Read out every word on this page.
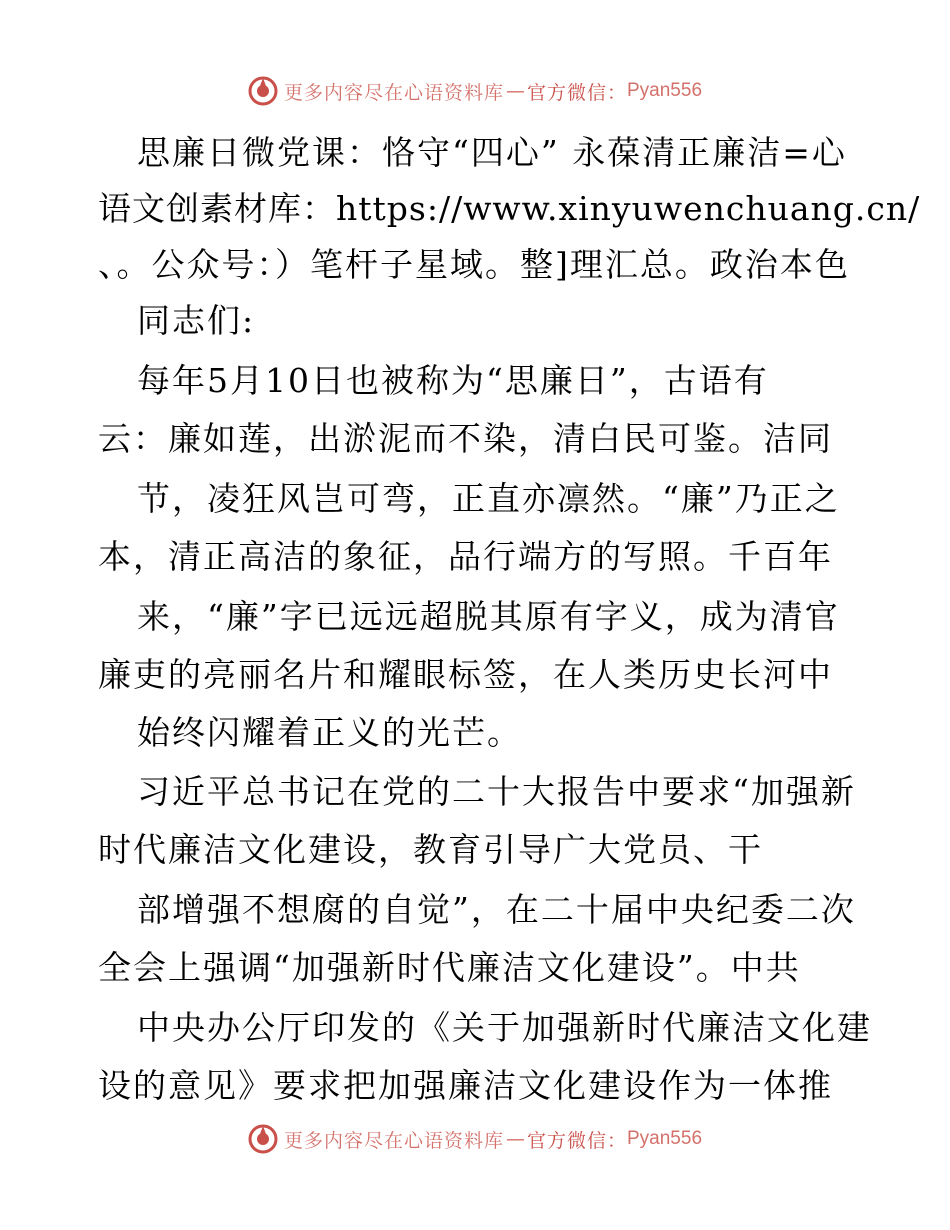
更多内容尽在心语资料库 — 官方微信： Pyan556
思廉日微党课：恪守“四心” 永葆清正廉洁=心
语文创素材库：https://www.xinyuwenchuang.cn/
、。公众号：）笔杆子星域。整]理汇总。政治本色
同志们:
每年5月10日也被称为“思廉日”，古语有
云：廉如莲，出淤泥而不染，清白民可鉴。洁同
节，凌狂风岂可弯，正直亦凛然。“廉”乃正之
本，清正高洁的象征，品行端方的写照。千百年
来，“廉”字已远远超脱其原有字义，成为清官
廉吏的亮丽名片和耀眼标签，在人类历史长河中
始终闪耀着正义的光芒。
习近平总书记在党的二十大报告中要求“加强新
时代廉洁文化建设，教育引导广大党员、干
部增强不想腐的自觉”，在二十届中央纪委二次
全会上强调“加强新时代廉洁文化建设”。中共
中央办公厅印发的《关于加强新时代廉洁文化建
设的意见》要求把加强廉洁文化建设作为一体推
更多内容尽在心语资料库 — 官方微信： Pyan556
